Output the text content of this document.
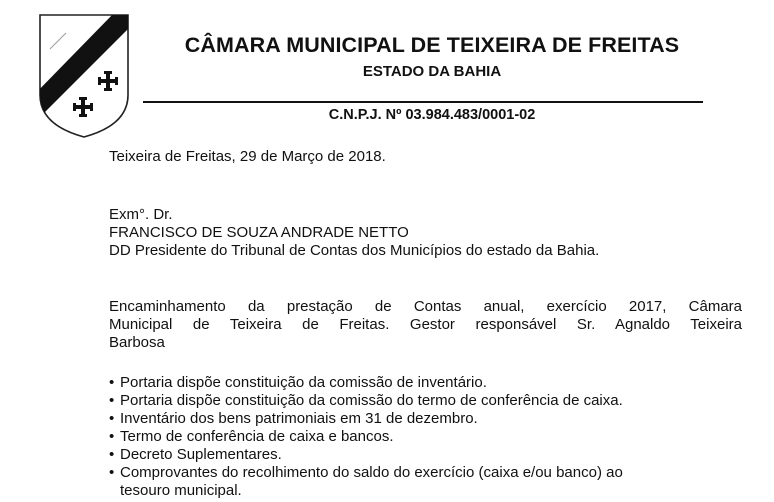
CÂMARA MUNICIPAL DE TEIXEIRA DE FREITAS
ESTADO DA BAHIA
C.N.P.J. Nº 03.984.483/0001-02
Teixeira de Freitas, 29 de Março de 2018.
Exm°. Dr.
FRANCISCO DE SOUZA ANDRADE NETTO
DD Presidente do Tribunal de Contas dos Municípios do estado da Bahia.
Encaminhamento da prestação de Contas anual, exercício 2017, Câmara
Municipal de Teixeira de Freitas. Gestor responsável Sr. Agnaldo Teixeira
Barbosa
• Portaria dispõe constituição da comissão de inventário.
• Portaria dispõe constituição da comissão do termo de conferência de caixa.
• Inventário dos bens patrimoniais em 31 de dezembro.
• Termo de conferência de caixa e bancos.
• Decreto Suplementares.
• Comprovantes do recolhimento do saldo do exercício (caixa e/ou banco) ao
tesouro municipal.
